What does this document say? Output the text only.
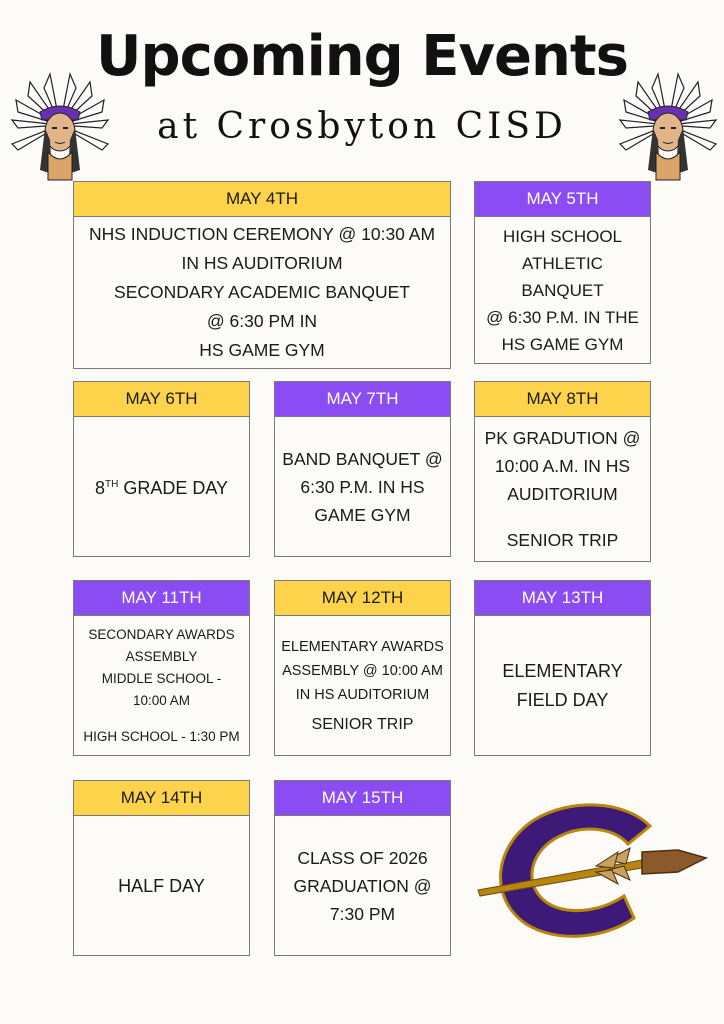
Upcoming Events
at Crosbyton CISD
MAY 4TH
NHS INDUCTION CEREMONY @ 10:30 AM
IN HS AUDITORIUM
SECONDARY ACADEMIC BANQUET
@ 6:30 PM IN
HS GAME GYM
MAY 5TH
HIGH SCHOOL
ATHLETIC BANQUET
@ 6:30 P.M. IN THE
HS GAME GYM
MAY 6TH
8TH GRADE DAY
MAY 7TH
BAND BANQUET @
6:30 P.M. IN HS
GAME GYM
MAY 8TH
PK GRADUTION @
10:00 A.M. IN HS
AUDITORIUM
SENIOR TRIP
MAY 11TH
SECONDARY AWARDS
ASSEMBLY
MIDDLE SCHOOL -
10:00 AM
HIGH SCHOOL - 1:30 PM
MAY 12TH
ELEMENTARY AWARDS
ASSEMBLY @ 10:00 AM
IN HS AUDITORIUM
SENIOR TRIP
MAY 13TH
ELEMENTARY
FIELD DAY
MAY 14TH
HALF DAY
MAY 15TH
CLASS OF 2026
GRADUATION @
7:30 PM
